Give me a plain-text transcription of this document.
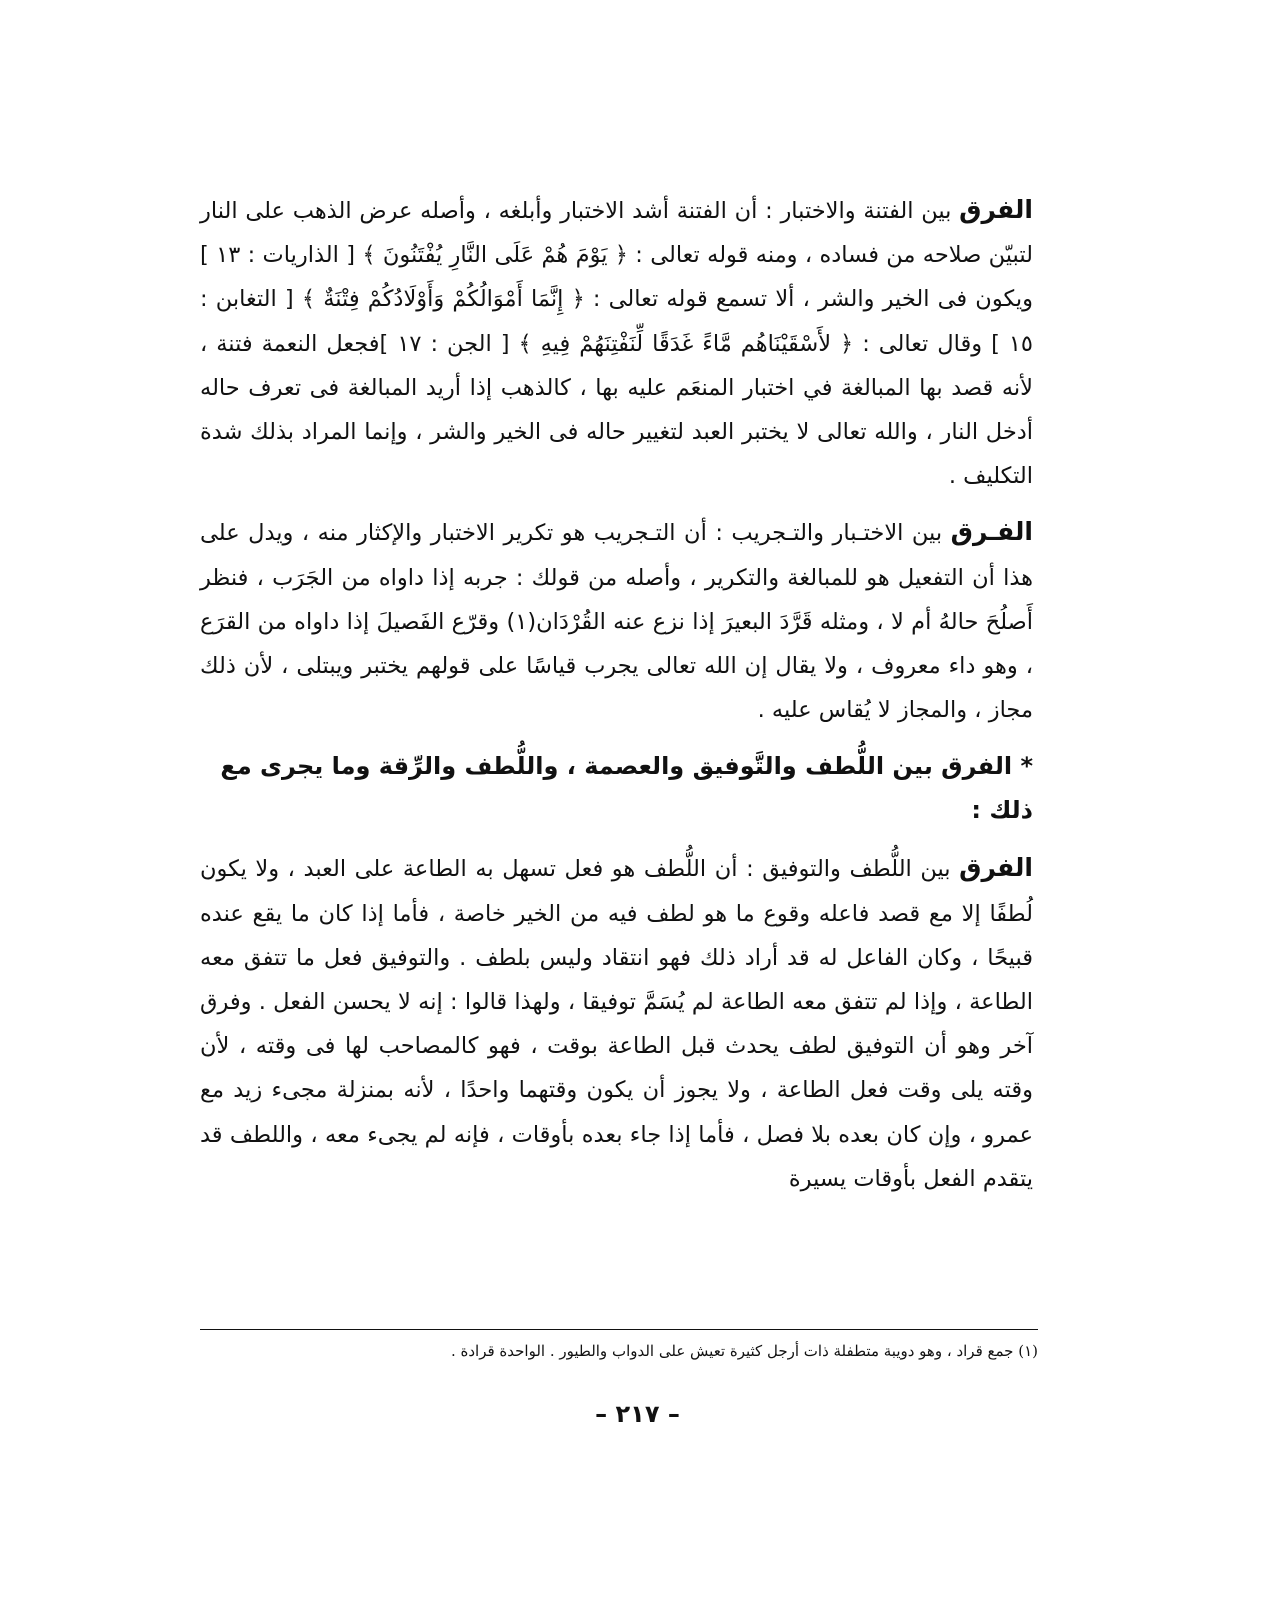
الفرق بين الفتنة والاختبار : أن الفتنة أشد الاختبار وأبلغه ، وأصله عرض الذهب على النار لتبيّن صلاحه من فساده ، ومنه قوله تعالى : ﴿ يَوْمَ هُمْ عَلَى النَّارِ يُفْتَنُونَ ﴾ [ الذاريات : ١٣ ] ويكون فى الخير والشر ، ألا تسمع قوله تعالى : ﴿ إِنَّمَا أَمْوَالُكُمْ وَأَوْلَادُكُمْ فِتْنَةٌ ﴾ [ التغابن : ١٥ ] وقال تعالى : ﴿ لأَسْقَيْنَاهُم مَّاءً غَدَقًا لِّنَفْتِنَهُمْ فِيهِ ﴾ [ الجن : ١٧ ]فجعل النعمة فتنة ، لأنه قصد بها المبالغة في اختبار المنعَم عليه بها ، كالذهب إذا أريد المبالغة فى تعرف حاله أدخل النار ، والله تعالى لا يختبر العبد لتغيير حاله فى الخير والشر ، وإنما المراد بذلك شدة التكليف .

الفـرق بين الاختـبار والتـجريب : أن التـجريب هو تكرير الاختبار والإكثار منه ، ويدل على هذا أن التفعيل هو للمبالغة والتكرير ، وأصله من قولك : جربه إذا داواه من الجَرَب ، فنظر أَصلُحَ حالهُ أم لا ، ومثله قَرَّدَ البعيرَ إذا نزع عنه القُرْدَان(١) وقرّع الفَصيلَ إذا داواه من القرَع ، وهو داء معروف ، ولا يقال إن الله تعالى يجرب قياسًا على قولهم يختبر ويبتلى ، لأن ذلك مجاز ، والمجاز لا يُقاس عليه .

* الفرق بين اللُّطف والتَّوفيق والعصمة ، واللُّطف والرِّقة وما يجرى مع ذلك :

الفرق بين اللُّطف والتوفيق : أن اللُّطف هو فعل تسهل به الطاعة على العبد ، ولا يكون لُطفًا إلا مع قصد فاعله وقوع ما هو لطف فيه من الخير خاصة ، فأما إذا كان ما يقع عنده قبيحًا ، وكان الفاعل له قد أراد ذلك فهو انتقاد وليس بلطف . والتوفيق فعل ما تتفق معه الطاعة ، وإذا لم تتفق معه الطاعة لم يُسَمَّ توفيقا ، ولهذا قالوا : إنه لا يحسن الفعل . وفرق آخر وهو أن التوفيق لطف يحدث قبل الطاعة بوقت ، فهو كالمصاحب لها فى وقته ، لأن وقته يلى وقت فعل الطاعة ، ولا يجوز أن يكون وقتهما واحدًا ، لأنه بمنزلة مجىء زيد مع عمرو ، وإن كان بعده بلا فصل ، فأما إذا جاء بعده بأوقات ، فإنه لم يجىء معه ، واللطف قد يتقدم الفعل بأوقات يسيرة

(١) جمع قراد ، وهو دويبة متطفلة ذات أرجل كثيرة تعيش على الدواب والطيور . الواحدة قرادة .
– ٢١٧ –
